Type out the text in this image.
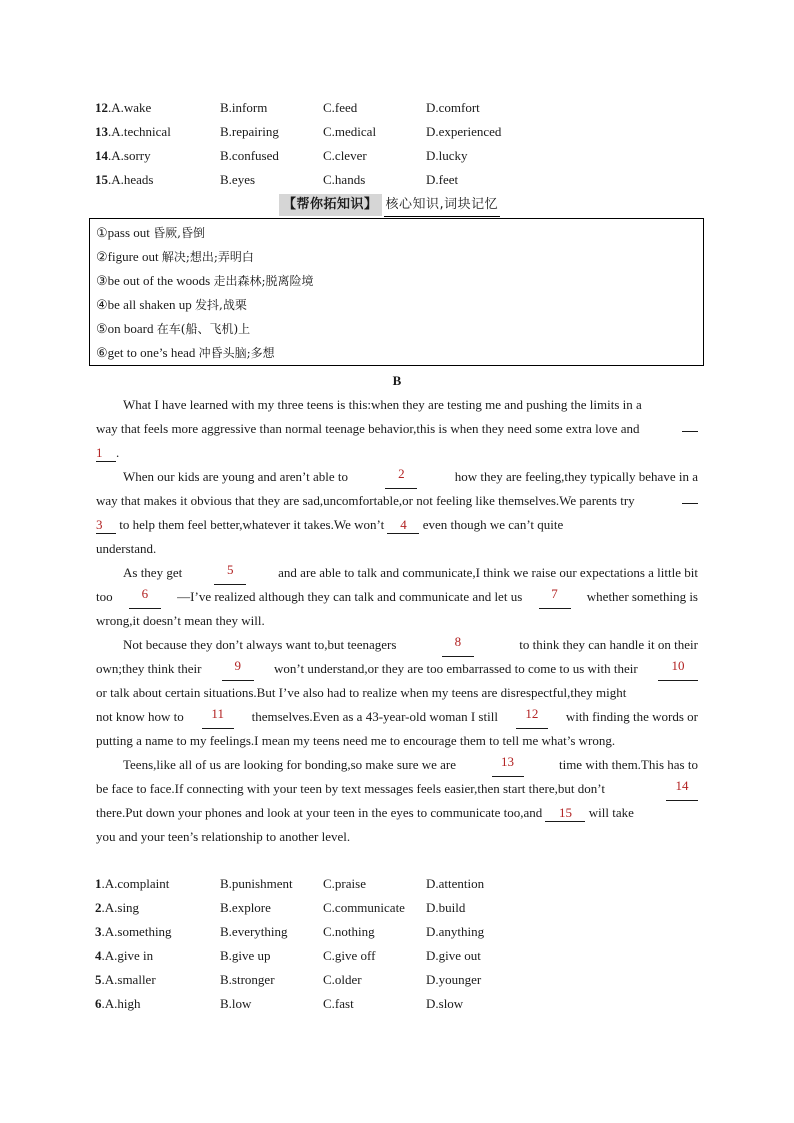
12.A.wake	B.inform	C.feed	D.comfort
13.A.technical	B.repairing	C.medical	D.experienced
14.A.sorry	B.confused	C.clever	D.lucky
15.A.heads	B.eyes	C.hands	D.feet
【帮你拓知识】 核心知识,词块记忆
①pass out 昏厥,昏倒
②figure out 解决;想出;弄明白
③be out of the woods 走出森林;脱离险境
④be all shaken up 发抖,战栗
⑤on board 在车(船、飞机)上
⑥get to one’s head 冲昏头脑;多想
B
What I have learned with my three teens is this:when they are testing me and pushing the limits in a
way that feels more aggressive than normal teenage behavior,this is when they need some extra love and
1 .
When our kids are young and aren’t able to	2	how they are feeling,they typically behave in a
way that makes it obvious that they are sad,uncomfortable,or not feeling like themselves.We parents try
3 to help them feel better,whatever it takes.We won’t 4 even though we can’t quite
understand.
As they get	5	and are able to talk and communicate,I think we raise our expectations a little bit
too	6	—I’ve realized although they can talk and communicate and let us	7	whether something is
wrong,it doesn’t mean they will.
Not because they don’t always want to,but teenagers	8	to think they can handle it on their
own;they think their	9	won’t understand,or they are too embarrassed to come to us with their	10
or talk about certain situations.But I’ve also had to realize when my teens are disrespectful,they might
not know how to	11	themselves.Even as a 43-year-old woman I still	12	with finding the words or
putting a name to my feelings.I mean my teens need me to encourage them to tell me what’s wrong.
Teens,like all of us are looking for bonding,so make sure we are	13	time with them.This has to
be face to face.If connecting with your teen by text messages feels easier,then start there,but don’t	14
there.Put down your phones and look at your teen in the eyes to communicate too,and 15 will take
you and your teen’s relationship to another level.
1.A.complaint	B.punishment	C.praise	D.attention
2.A.sing	B.explore	C.communicate	D.build
3.A.something	B.everything	C.nothing	D.anything
4.A.give in	B.give up	C.give off	D.give out
5.A.smaller	B.stronger	C.older	D.younger
6.A.high	B.low	C.fast	D.slow
